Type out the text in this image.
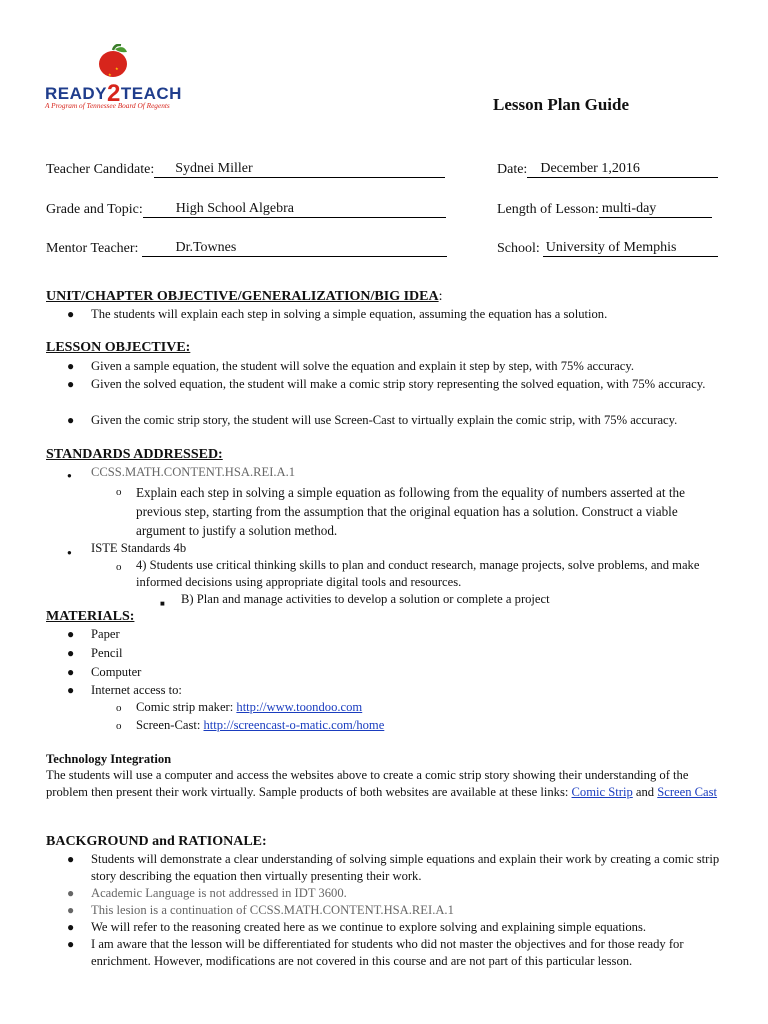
★
★
READY2TEACH
A Program of Tennessee Board Of Regents	Lesson Plan Guide
Teacher Candidate: Sydnei Miller	Date: December 1,2016
Grade and Topic: High School Algebra	Length of Lesson: multi-day
Mentor Teacher:	Dr.Townes	School: University of Memphis
UNIT/CHAPTER OBJECTIVE/GENERALIZATION/BIG IDEA:
● The students will explain each step in solving a simple equation, assuming the equation has a solution.
LESSON OBJECTIVE:
● Given a sample equation, the student will solve the equation and explain it step by step, with 75% accuracy.
● Given the solved equation, the student will make a comic strip story representing the solved equation, with 75% accuracy.
● Given the comic strip story, the student will use Screen-Cast to virtually explain the comic strip, with 75% accuracy.
STANDARDS ADDRESSED:
● CCSS.MATH.CONTENT.HSA.REI.A.1
o Explain each step in solving a simple equation as following from the equality of numbers asserted at the previous step, starting from the assumption that the original equation has a solution. Construct a viable argument to justify a solution method.
● ISTE Standards 4b
o 4) Students use critical thinking skills to plan and conduct research, manage projects, solve problems, and make informed decisions using appropriate digital tools and resources.
■ B) Plan and manage activities to develop a solution or complete a project
MATERIALS:
● Paper
● Pencil
● Computer
● Internet access to:
o Comic strip maker: http://www.toondoo.com
o Screen-Cast: http://screencast-o-matic.com/home
Technology Integration
The students will use a computer and access the websites above to create a comic strip story showing their understanding of the problem then present their work virtually. Sample products of both websites are available at these links: Comic Strip and Screen Cast
BACKGROUND and RATIONALE:
● Students will demonstrate a clear understanding of solving simple equations and explain their work by creating a comic strip story describing the equation then virtually presenting their work.
● Academic Language is not addressed in IDT 3600.
● This lesion is a continuation of CCSS.MATH.CONTENT.HSA.REI.A.1
● We will refer to the reasoning created here as we continue to explore solving and explaining simple equations.
● I am aware that the lesson will be differentiated for students who did not master the objectives and for those ready for enrichment. However, modifications are not covered in this course and are not part of this particular lesson.
